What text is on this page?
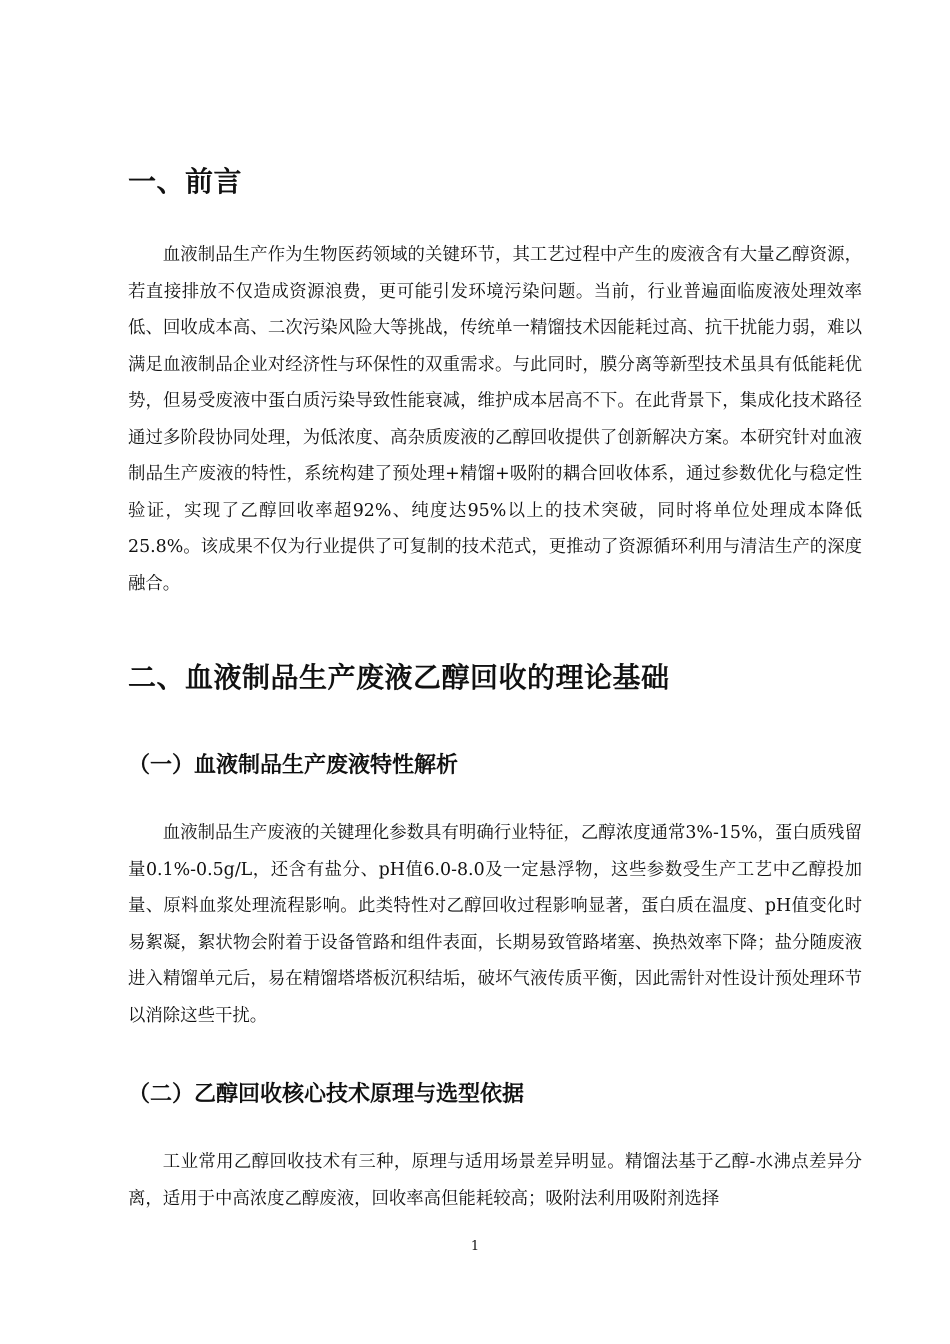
一、前言

血液制品生产作为生物医药领域的关键环节，其工艺过程中产生的废液含有大量乙醇资源，若直接排放不仅造成资源浪费，更可能引发环境污染问题。当前，行业普遍面临废液处理效率低、回收成本高、二次污染风险大等挑战，传统单一精馏技术因能耗过高、抗干扰能力弱，难以满足血液制品企业对经济性与环保性的双重需求。与此同时，膜分离等新型技术虽具有低能耗优势，但易受废液中蛋白质污染导致性能衰减，维护成本居高不下。在此背景下，集成化技术路径通过多阶段协同处理，为低浓度、高杂质废液的乙醇回收提供了创新解决方案。本研究针对血液制品生产废液的特性，系统构建了预处理+精馏+吸附的耦合回收体系，通过参数优化与稳定性验证，实现了乙醇回收率超92%、纯度达95%以上的技术突破，同时将单位处理成本降低25.8%。该成果不仅为行业提供了可复制的技术范式，更推动了资源循环利用与清洁生产的深度融合。

二、血液制品生产废液乙醇回收的理论基础
（一）血液制品生产废液特性解析

血液制品生产废液的关键理化参数具有明确行业特征，乙醇浓度通常3%-15%，蛋白质残留量0.1%-0.5g/L，还含有盐分、pH值6.0-8.0及一定悬浮物，这些参数受生产工艺中乙醇投加量、原料血浆处理流程影响。此类特性对乙醇回收过程影响显著，蛋白质在温度、pH值变化时易絮凝，絮状物会附着于设备管路和组件表面，长期易致管路堵塞、换热效率下降；盐分随废液进入精馏单元后，易在精馏塔塔板沉积结垢，破坏气液传质平衡，因此需针对性设计预处理环节以消除这些干扰。

（二）乙醇回收核心技术原理与选型依据

工业常用乙醇回收技术有三种，原理与适用场景差异明显。精馏法基于乙醇-水沸点差异分离，适用于中高浓度乙醇废液，回收率高但能耗较高；吸附法利用吸附剂选择

1
